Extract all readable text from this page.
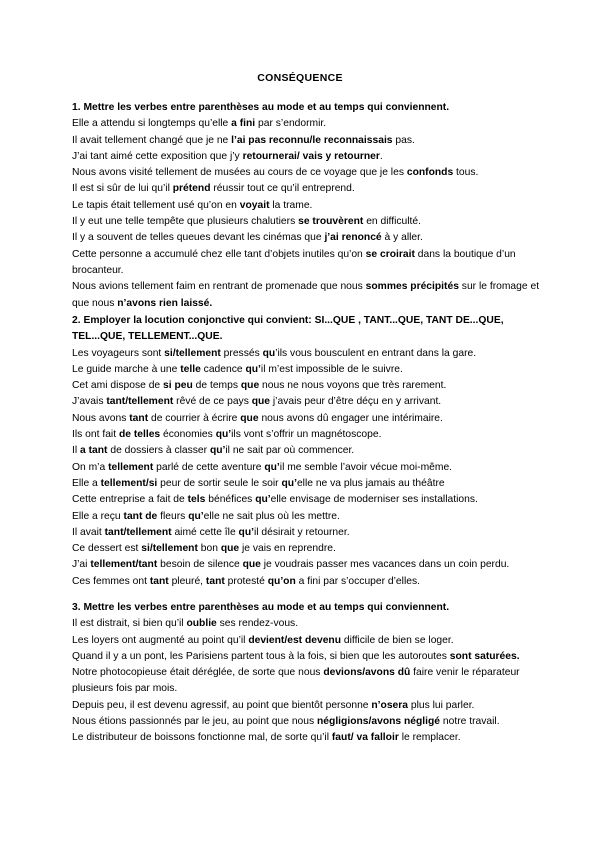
CONSÉQUENCE
1. Mettre les verbes entre parenthèses au mode et au temps qui conviennent.

Elle a attendu si longtemps qu’elle a fini par s’endormir.

Il avait tellement changé que je ne l’ai pas reconnu/le reconnaissais pas.

J’ai tant aimé cette exposition que j’y retournerai/ vais y retourner.

Nous avons visité tellement de musées au cours de ce voyage que je les confonds tous.

Il est si sûr de lui qu’il prétend réussir tout ce qu’il entreprend.

Le tapis était tellement usé qu’on en voyait la trame.

Il y eut une telle tempête que plusieurs chalutiers se trouvèrent en difficulté.

Il y a souvent de telles queues devant les cinémas que j’ai renoncé à y aller.

Cette personne a accumulé chez elle tant d’objets inutiles qu’on se croirait dans la boutique d’un brocanteur.

Nous avions tellement faim en rentrant de promenade que nous sommes précipités sur le fromage et que nous n’avons rien laissé.

2. Employer la locution conjonctive qui convient: SI...QUE , TANT...QUE, TANT DE...QUE, TEL...QUE, TELLEMENT...QUE.

Les voyageurs sont si/tellement pressés qu’ils vous bousculent en entrant dans la gare.

Le guide marche à une telle cadence qu’il m’est impossible de le suivre.

Cet ami dispose de si peu de temps que nous ne nous voyons que très rarement.

J’avais tant/tellement rêvé de ce pays que j’avais peur d’être déçu en y arrivant.

Nous avons tant de courrier à écrire que nous avons dû engager une intérimaire.

Ils ont fait de telles économies qu’ils vont s’offrir un magnétoscope.

Il a tant de dossiers à classer qu’il ne sait par où commencer.

On m’a tellement parlé de cette aventure qu’il me semble l’avoir vécue moi-même.

Elle a tellement/si peur de sortir seule le soir qu’elle ne va plus jamais au théâtre

Cette entreprise a fait de tels bénéfices qu’elle envisage de moderniser ses installations.

Elle a reçu tant de fleurs qu’elle ne sait plus où les mettre.

Il avait tant/tellement aimé cette île qu’il désirait y retourner.

Ce dessert est si/tellement bon que je vais en reprendre.

J’ai tellement/tant besoin de silence que je voudrais passer mes vacances dans un coin perdu.

Ces femmes ont tant pleuré, tant protesté qu’on a fini par s’occuper d’elles.

3. Mettre les verbes entre parenthèses au mode et au temps qui conviennent.

Il est distrait, si bien qu’il oublie ses rendez-vous.

Les loyers ont augmenté au point qu’il devient/est devenu difficile de bien se loger.

Quand il y a un pont, les Parisiens partent tous à la fois, si bien que les autoroutes sont saturées.

Notre photocopieuse était déréglée, de sorte que nous devions/avons dû faire venir le réparateur plusieurs fois par mois.

Depuis peu, il est devenu agressif, au point que bientôt personne n’osera plus lui parler.

Nous étions passionnés par le jeu, au point que nous négligions/avons négligé notre travail.

Le distributeur de boissons fonctionne mal, de sorte qu’il faut/ va falloir le remplacer.
